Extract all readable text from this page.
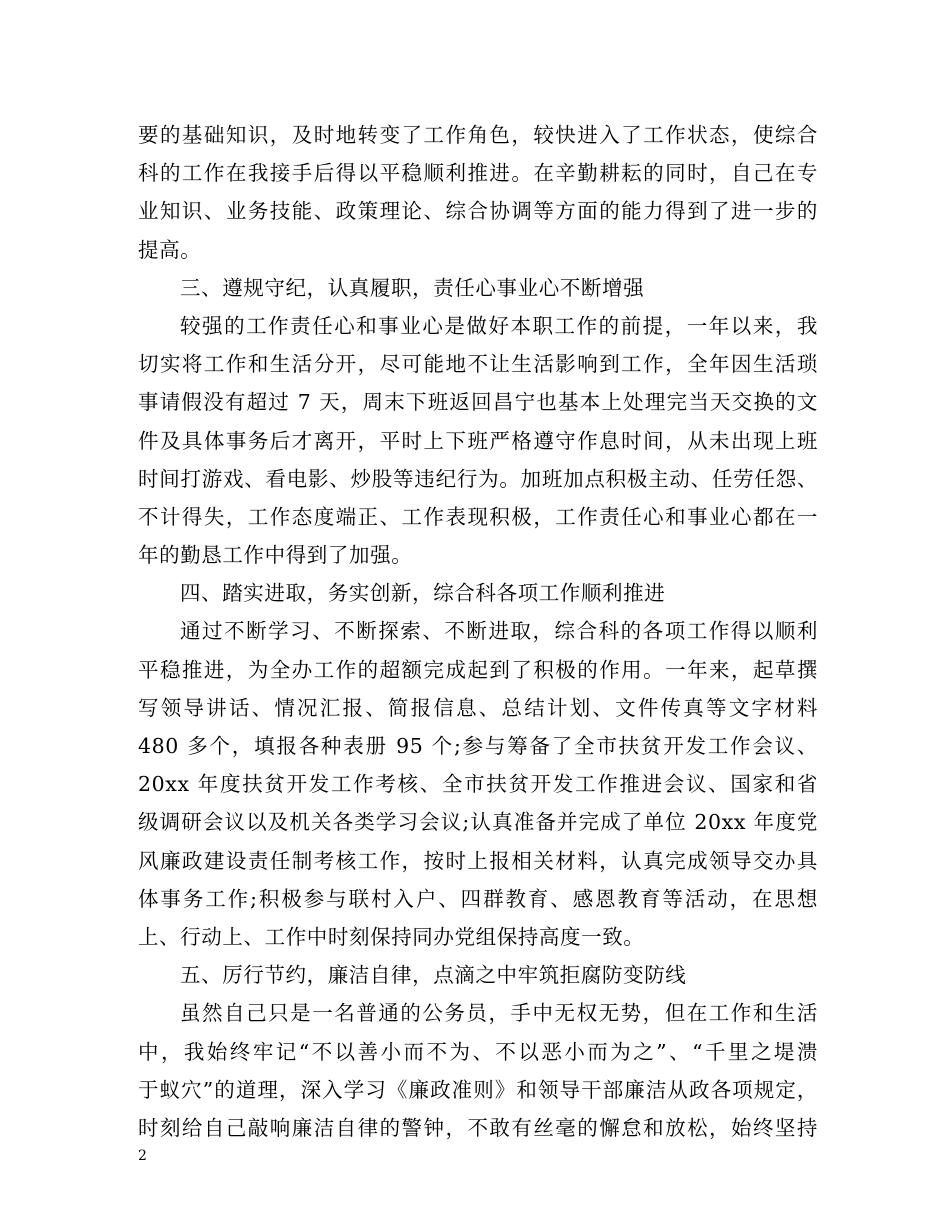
要的基础知识，及时地转变了工作角色，较快进入了工作状态，使综合
科的工作在我接手后得以平稳顺利推进。在辛勤耕耘的同时，自己在专
业知识、业务技能、政策理论、综合协调等方面的能力得到了进一步的
提高。
三、遵规守纪，认真履职，责任心事业心不断增强
较强的工作责任心和事业心是做好本职工作的前提，一年以来，我
切实将工作和生活分开，尽可能地不让生活影响到工作，全年因生活琐
事请假没有超过 7 天，周末下班返回昌宁也基本上处理完当天交换的文
件及具体事务后才离开，平时上下班严格遵守作息时间，从未出现上班
时间打游戏、看电影、炒股等违纪行为。加班加点积极主动、任劳任怨、
不计得失，工作态度端正、工作表现积极，工作责任心和事业心都在一
年的勤恳工作中得到了加强。
四、踏实进取，务实创新，综合科各项工作顺利推进
通过不断学习、不断探索、不断进取，综合科的各项工作得以顺利
平稳推进，为全办工作的超额完成起到了积极的作用。一年来，起草撰
写领导讲话、情况汇报、简报信息、总结计划、文件传真等文字材料
480 多个，填报各种表册 95 个;参与筹备了全市扶贫开发工作会议、
20xx 年度扶贫开发工作考核、全市扶贫开发工作推进会议、国家和省
级调研会议以及机关各类学习会议;认真准备并完成了单位 20xx 年度党
风廉政建设责任制考核工作，按时上报相关材料，认真完成领导交办具
体事务工作;积极参与联村入户、四群教育、感恩教育等活动，在思想
上、行动上、工作中时刻保持同办党组保持高度一致。
五、厉行节约，廉洁自律，点滴之中牢筑拒腐防变防线
虽然自己只是一名普通的公务员，手中无权无势，但在工作和生活
中，我始终牢记“不以善小而不为、不以恶小而为之”、“千里之堤溃
于蚁穴”的道理，深入学习《廉政准则》和领导干部廉洁从政各项规定，
时刻给自己敲响廉洁自律的警钟，不敢有丝毫的懈怠和放松，始终坚持
2
